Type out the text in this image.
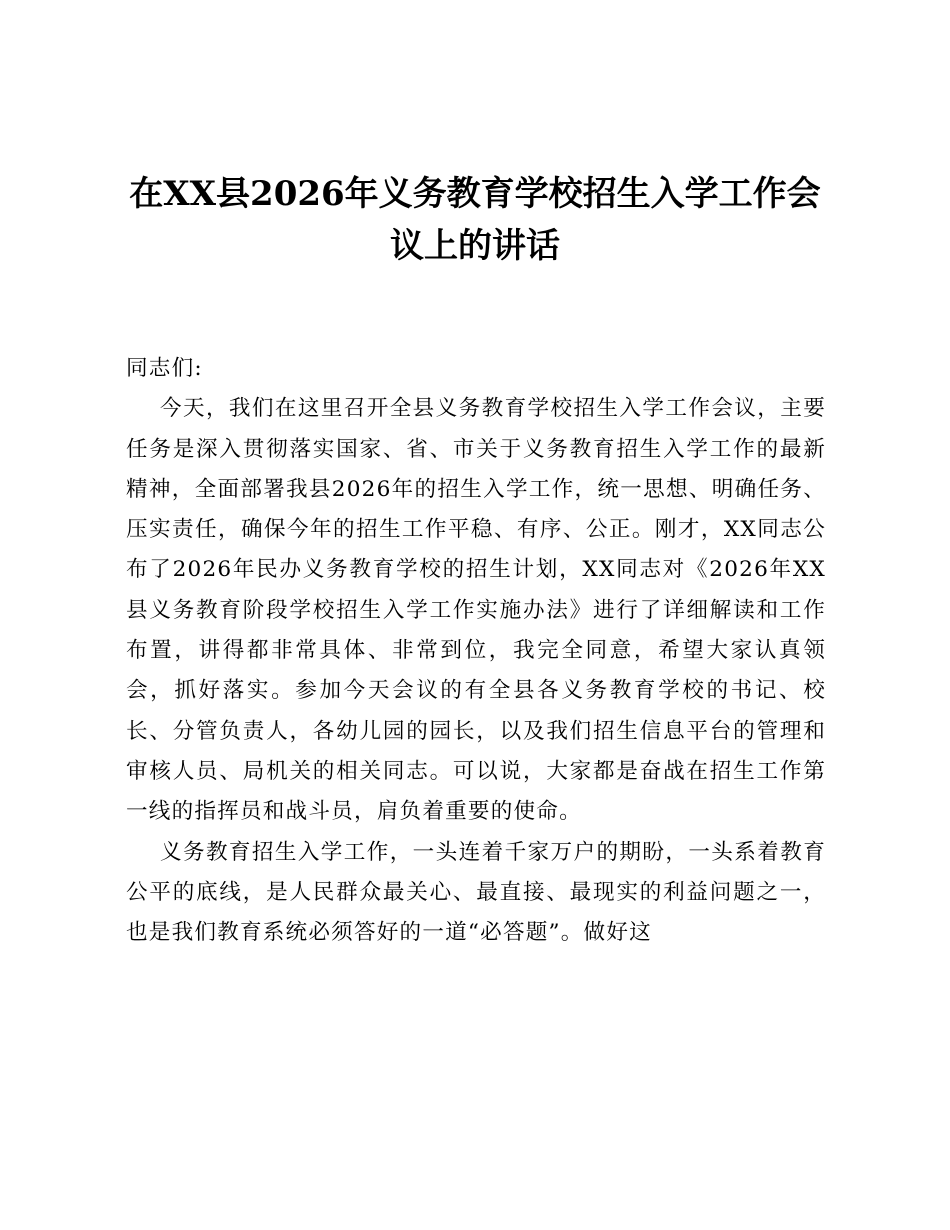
在XX县2026年义务教育学校招生入学工作会议上的讲话

同志们:

今天，我们在这里召开全县义务教育学校招生入学工作会议，主要任务是深入贯彻落实国家、省、市关于义务教育招生入学工作的最新精神，全面部署我县2026年的招生入学工作，统一思想、明确任务、压实责任，确保今年的招生工作平稳、有序、公正。刚才，XX同志公布了2026年民办义务教育学校的招生计划，XX同志对《2026年XX县义务教育阶段学校招生入学工作实施办法》进行了详细解读和工作布置，讲得都非常具体、非常到位，我完全同意，希望大家认真领会，抓好落实。参加今天会议的有全县各义务教育学校的书记、校长、分管负责人，各幼儿园的园长，以及我们招生信息平台的管理和审核人员、局机关的相关同志。可以说，大家都是奋战在招生工作第一线的指挥员和战斗员，肩负着重要的使命。

义务教育招生入学工作，一头连着千家万户的期盼，一头系着教育公平的底线，是人民群众最关心、最直接、最现实的利益问题之一，也是我们教育系统必须答好的一道“必答题”。做好这
